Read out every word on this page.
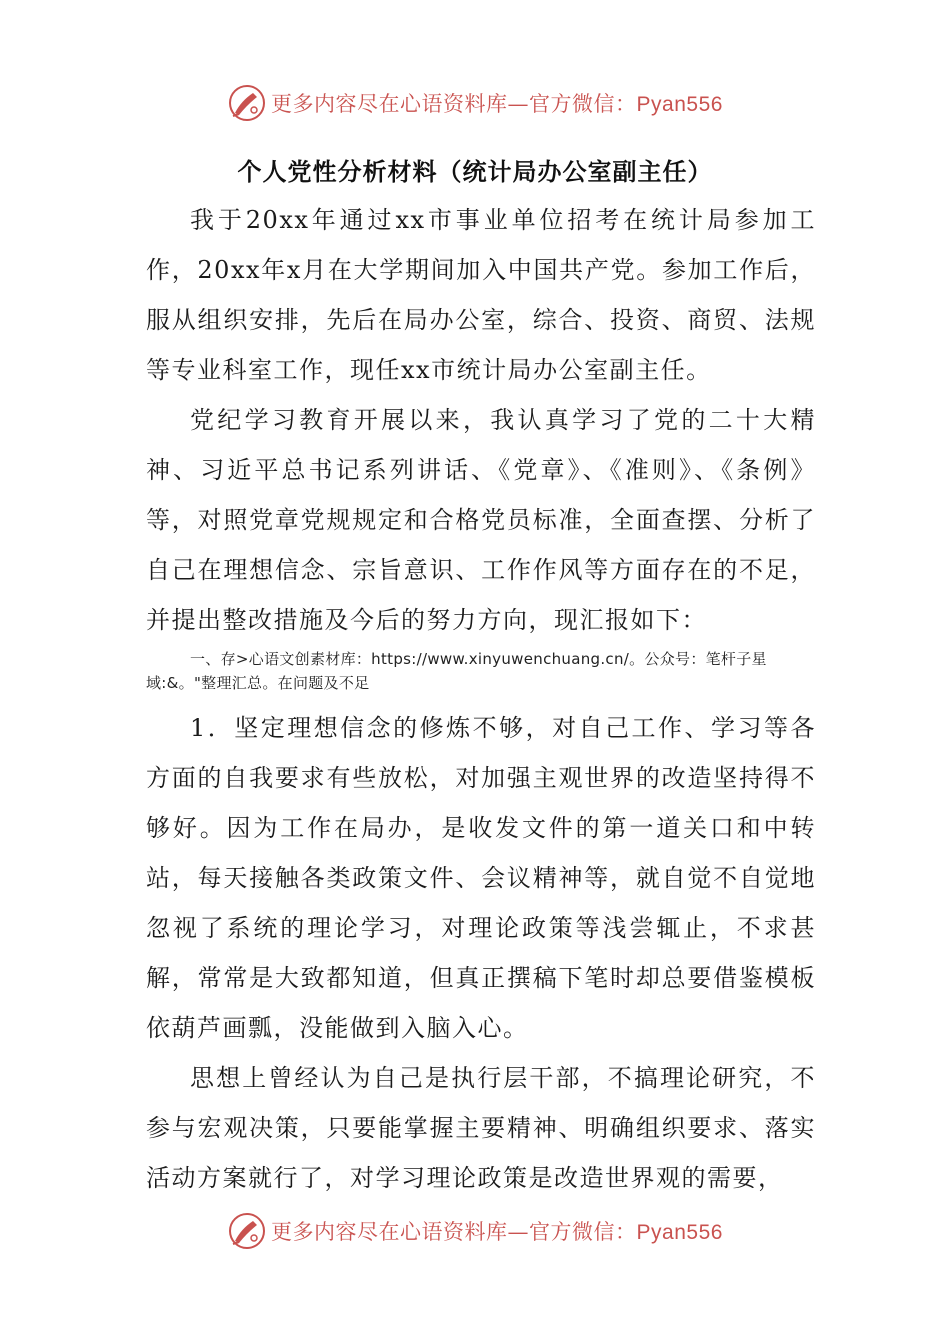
更多内容尽在心语资料库—官方微信：Pyan556
个人党性分析材料（统计局办公室副主任）

我于20xx年通过xx市事业单位招考在统计局参加工作，20xx年x月在大学期间加入中国共产党。参加工作后，服从组织安排，先后在局办公室，综合、投资、商贸、法规等专业科室工作，现任xx市统计局办公室副主任。

党纪学习教育开展以来，我认真学习了党的二十大精神、习近平总书记系列讲话、《党章》、《准则》、《条例》等，对照党章党规规定和合格党员标准，全面查摆、分析了自己在理想信念、宗旨意识、工作作风等方面存在的不足，并提出整改措施及今后的努力方向，现汇报如下：

一、存>心语文创素材库：https://www.xinyuwenchuang.cn/。公众号：笔杆子星域:&。"整理汇总。在问题及不足

1．坚定理想信念的修炼不够，对自己工作、学习等各方面的自我要求有些放松，对加强主观世界的改造坚持得不够好。因为工作在局办，是收发文件的第一道关口和中转站，每天接触各类政策文件、会议精神等，就自觉不自觉地忽视了系统的理论学习，对理论政策等浅尝辄止，不求甚解，常常是大致都知道，但真正撰稿下笔时却总要借鉴模板依葫芦画瓢，没能做到入脑入心。

思想上曾经认为自己是执行层干部，不搞理论研究，不参与宏观决策，只要能掌握主要精神、明确组织要求、落实活动方案就行了，对学习理论政策是改造世界观的需要，

更多内容尽在心语资料库—官方微信：Pyan556
